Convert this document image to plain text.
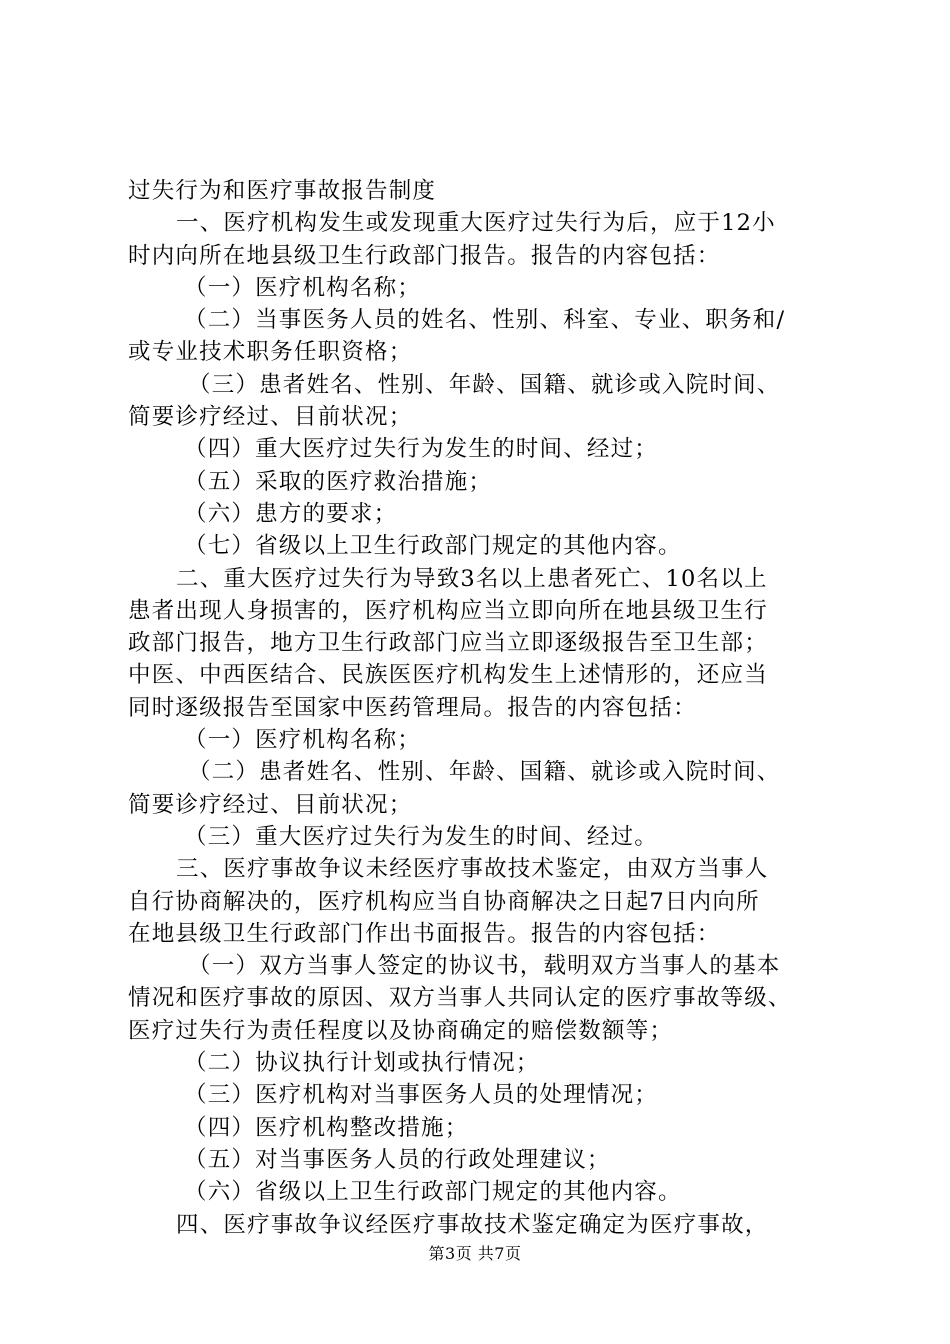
过失行为和医疗事故报告制度
一、医疗机构发生或发现重大医疗过失行为后，应于12小
时内向所在地县级卫生行政部门报告。报告的内容包括：
（一）医疗机构名称；
（二）当事医务人员的姓名、性别、科室、专业、职务和/
或专业技术职务任职资格；
（三）患者姓名、性别、年龄、国籍、就诊或入院时间、
简要诊疗经过、目前状况；
（四）重大医疗过失行为发生的时间、经过；
（五）采取的医疗救治措施；
（六）患方的要求；
（七）省级以上卫生行政部门规定的其他内容。
二、重大医疗过失行为导致3名以上患者死亡、10名以上
患者出现人身损害的，医疗机构应当立即向所在地县级卫生行
政部门报告，地方卫生行政部门应当立即逐级报告至卫生部；
中医、中西医结合、民族医医疗机构发生上述情形的，还应当
同时逐级报告至国家中医药管理局。报告的内容包括：
（一）医疗机构名称；
（二）患者姓名、性别、年龄、国籍、就诊或入院时间、
简要诊疗经过、目前状况；
（三）重大医疗过失行为发生的时间、经过。
三、医疗事故争议未经医疗事故技术鉴定，由双方当事人
自行协商解决的，医疗机构应当自协商解决之日起7日内向所
在地县级卫生行政部门作出书面报告。报告的内容包括：
（一）双方当事人签定的协议书，载明双方当事人的基本
情况和医疗事故的原因、双方当事人共同认定的医疗事故等级、
医疗过失行为责任程度以及协商确定的赔偿数额等；
（二）协议执行计划或执行情况；
（三）医疗机构对当事医务人员的处理情况；
（四）医疗机构整改措施；
（五）对当事医务人员的行政处理建议；
（六）省级以上卫生行政部门规定的其他内容。
四、医疗事故争议经医疗事故技术鉴定确定为医疗事故，
第3页 共7页
